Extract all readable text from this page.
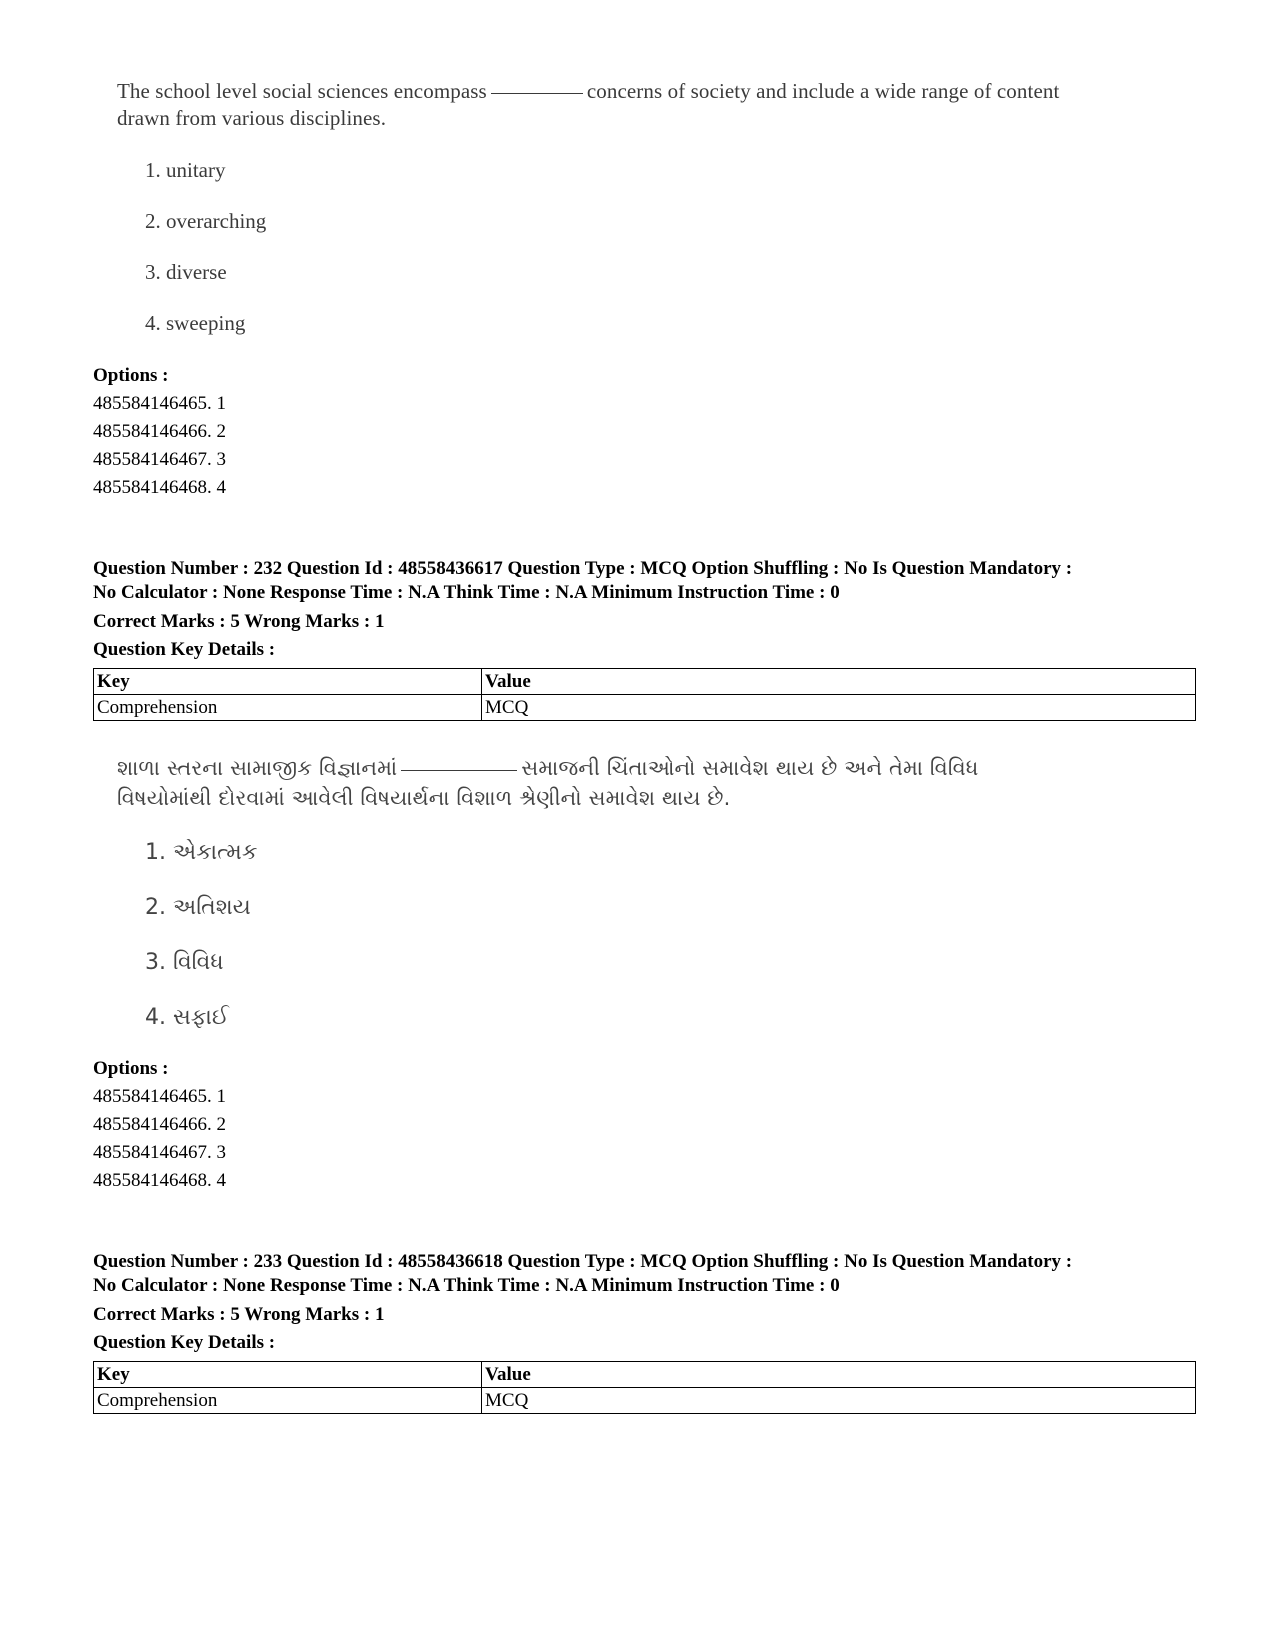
The school level social sciences encompass	concerns of society and include a wide range of content
drawn from various disciplines.
1. unitary
2. overarching
3. diverse
4. sweeping
Options :
485584146465. 1
485584146466. 2
485584146467. 3
485584146468. 4
Question Number : 232 Question Id : 48558436617 Question Type : MCQ Option Shuffling : No Is Question Mandatory :
No Calculator : None Response Time : N.A Think Time : N.A Minimum Instruction Time : 0
Correct Marks : 5 Wrong Marks : 1
Question Key Details :
Key	Value
Comprehension	MCQ
શાળા સ્તરના સામાજીક વિજ્ઞાનમાં	સમાજની ચિંતાઓનો સમાવેશ થાય છે અને તેમા વિવિધ
વિષયોમાંથી દોરવામાં આવેલી વિષયાર્થના વિશાળ શ્રેણીનો સમાવેશ થાય છે.
1. એકાત્મક
2. અતિશય
3. વિવિધ
4. સફાઈ
Options :
485584146465. 1
485584146466. 2
485584146467. 3
485584146468. 4
Question Number : 233 Question Id : 48558436618 Question Type : MCQ Option Shuffling : No Is Question Mandatory :
No Calculator : None Response Time : N.A Think Time : N.A Minimum Instruction Time : 0
Correct Marks : 5 Wrong Marks : 1
Question Key Details :
Key	Value
Comprehension	MCQ
